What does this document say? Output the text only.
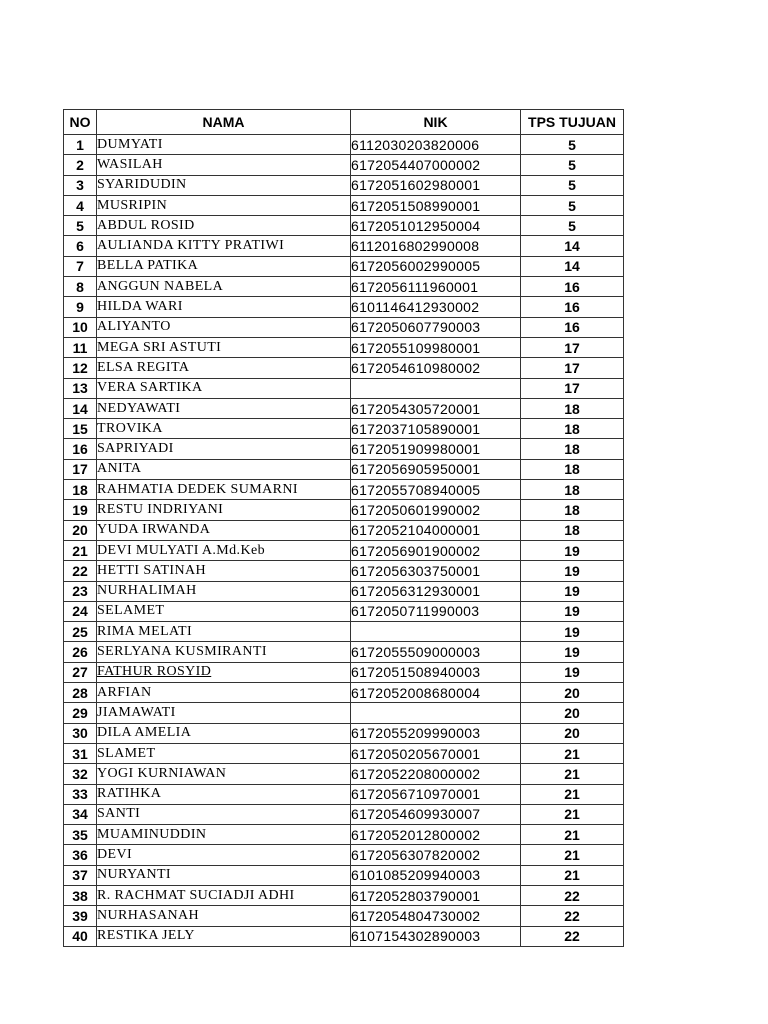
NO	NAMA	NIK	TPS TUJUAN
1	DUMYATI	6112030203820006	5
2	WASILAH	6172054407000002	5
3	SYARIDUDIN	6172051602980001	5
4	MUSRIPIN	6172051508990001	5
5	ABDUL ROSID	6172051012950004	5
6	AULIANDA KITTY PRATIWI	6112016802990008	14
7	BELLA PATIKA	6172056002990005	14
8	ANGGUN NABELA	6172056111960001	16
9	HILDA WARI	6101146412930002	16
10	ALIYANTO	6172050607790003	16
11	MEGA SRI ASTUTI	6172055109980001	17
12	ELSA REGITA	6172054610980002	17
13	VERA SARTIKA		17
14	NEDYAWATI	6172054305720001	18
15	TROVIKA	6172037105890001	18
16	SAPRIYADI	6172051909980001	18
17	ANITA	6172056905950001	18
18	RAHMATIA DEDEK SUMARNI	6172055708940005	18
19	RESTU INDRIYANI	6172050601990002	18
20	YUDA IRWANDA	6172052104000001	18
21	DEVI MULYATI A.Md.Keb	6172056901900002	19
22	HETTI SATINAH	6172056303750001	19
23	NURHALIMAH	6172056312930001	19
24	SELAMET	6172050711990003	19
25	RIMA MELATI		19
26	SERLYANA KUSMIRANTI	6172055509000003	19
27	FATHUR ROSYID	6172051508940003	19
28	ARFIAN	6172052008680004	20
29	JIAMAWATI		20
30	DILA AMELIA	6172055209990003	20
31	SLAMET	6172050205670001	21
32	YOGI KURNIAWAN	6172052208000002	21
33	RATIHKA	6172056710970001	21
34	SANTI	6172054609930007	21
35	MUAMINUDDIN	6172052012800002	21
36	DEVI	6172056307820002	21
37	NURYANTI	6101085209940003	21
38	R. RACHMAT SUCIADJI ADHI	6172052803790001	22
39	NURHASANAH	6172054804730002	22
40	RESTIKA JELY	6107154302890003	22
